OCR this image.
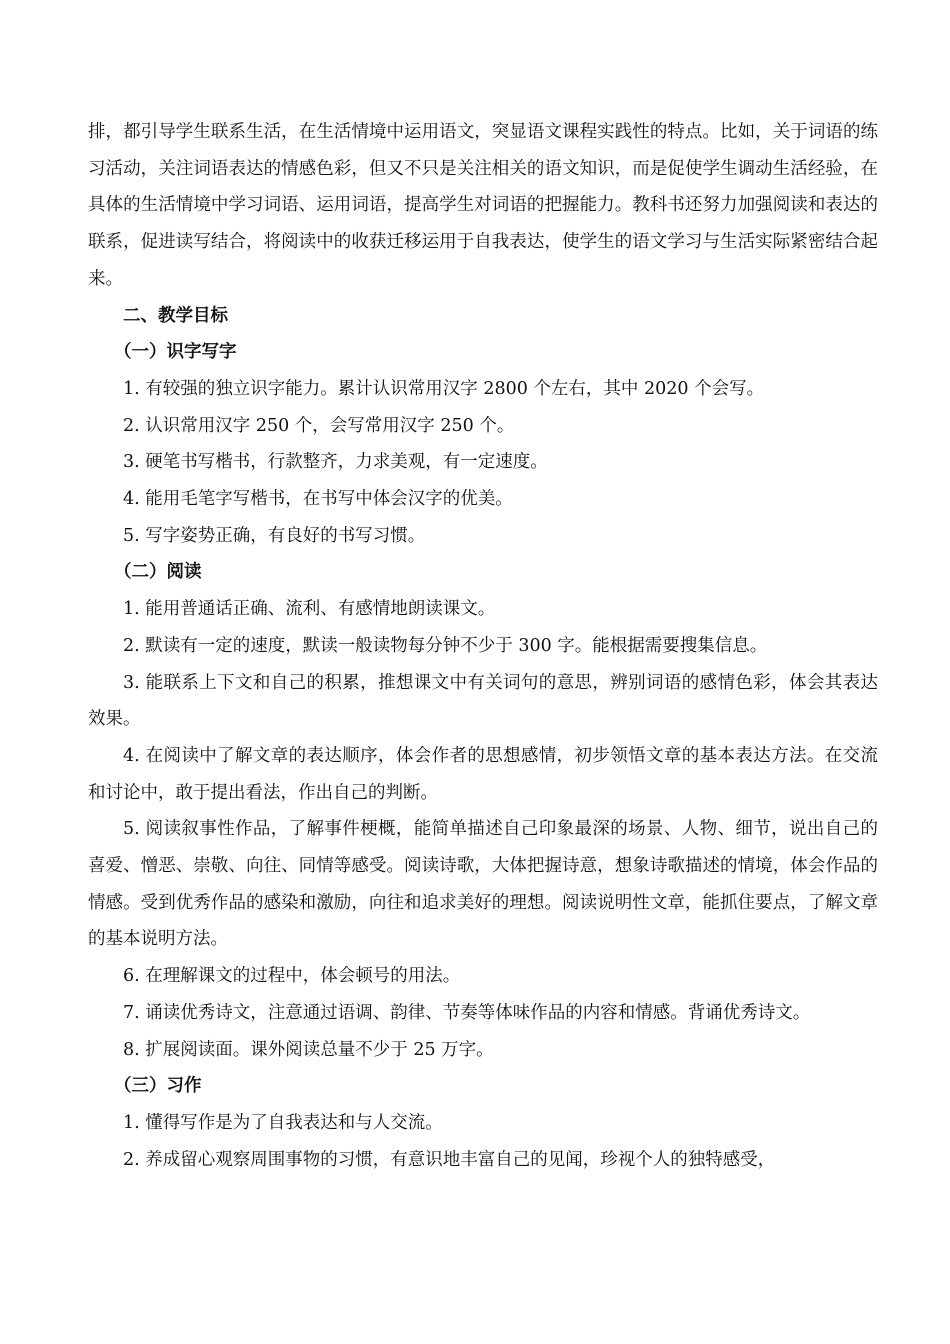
排，都引导学生联系生活，在生活情境中运用语文，突显语文课程实践性的特点。比如，关于词语的练习活动，关注词语表达的情感色彩，但又不只是关注相关的语文知识，而是促使学生调动生活经验，在具体的生活情境中学习词语、运用词语，提高学生对词语的把握能力。教科书还努力加强阅读和表达的联系，促进读写结合，将阅读中的收获迁移运用于自我表达，使学生的语文学习与生活实际紧密结合起来。

二、教学目标

（一）识字写字

1. 有较强的独立识字能力。累计认识常用汉字 2800 个左右，其中 2020 个会写。

2. 认识常用汉字 250 个，会写常用汉字 250 个。

3. 硬笔书写楷书，行款整齐，力求美观，有一定速度。

4. 能用毛笔字写楷书，在书写中体会汉字的优美。

5. 写字姿势正确，有良好的书写习惯。

（二）阅读

1. 能用普通话正确、流利、有感情地朗读课文。

2. 默读有一定的速度，默读一般读物每分钟不少于 300 字。能根据需要搜集信息。

3. 能联系上下文和自己的积累，推想课文中有关词句的意思，辨别词语的感情色彩，体会其表达效果。

4. 在阅读中了解文章的表达顺序，体会作者的思想感情，初步领悟文章的基本表达方法。在交流和讨论中，敢于提出看法，作出自己的判断。

5. 阅读叙事性作品，了解事件梗概，能简单描述自己印象最深的场景、人物、细节，说出自己的喜爱、憎恶、崇敬、向往、同情等感受。阅读诗歌，大体把握诗意，想象诗歌描述的情境，体会作品的情感。受到优秀作品的感染和激励，向往和追求美好的理想。阅读说明性文章，能抓住要点，了解文章的基本说明方法。

6. 在理解课文的过程中，体会顿号的用法。

7. 诵读优秀诗文，注意通过语调、韵律、节奏等体味作品的内容和情感。背诵优秀诗文。

8. 扩展阅读面。课外阅读总量不少于 25 万字。

（三）习作

1. 懂得写作是为了自我表达和与人交流。

2. 养成留心观察周围事物的习惯，有意识地丰富自己的见闻，珍视个人的独特感受，
